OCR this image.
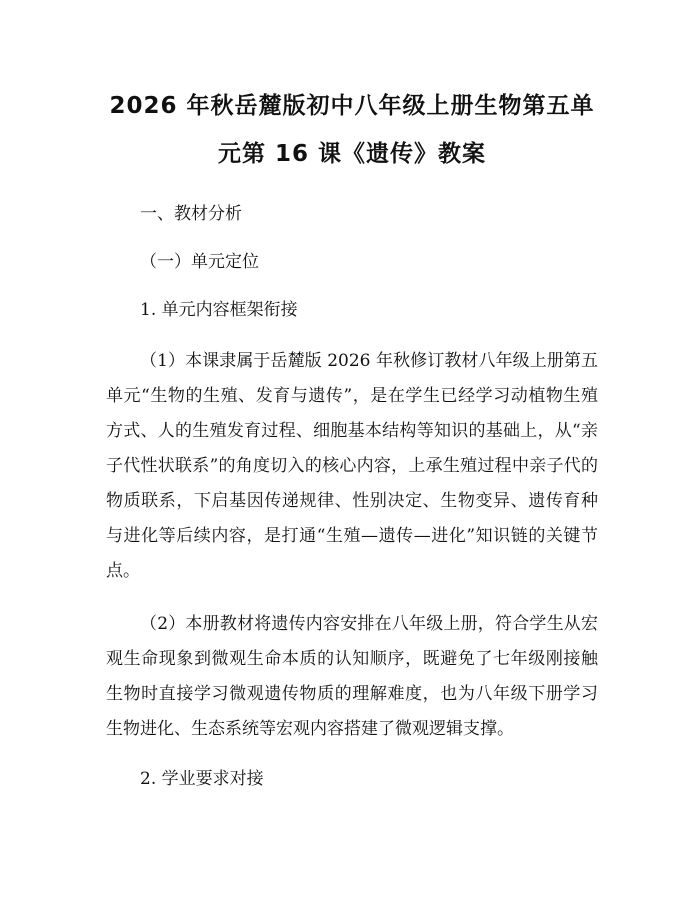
2026 年秋岳麓版初中八年级上册生物第五单
元第 16 课《遗传》教案

一、教材分析

（一）单元定位

1. 单元内容框架衔接

（1）本课隶属于岳麓版 2026 年秋修订教材八年级上册第五单元“生物的生殖、发育与遗传”，是在学生已经学习动植物生殖方式、人的生殖发育过程、细胞基本结构等知识的基础上，从“亲子代性状联系”的角度切入的核心内容，上承生殖过程中亲子代的物质联系，下启基因传递规律、性别决定、生物变异、遗传育种与进化等后续内容，是打通“生殖—遗传—进化”知识链的关键节点。

（2）本册教材将遗传内容安排在八年级上册，符合学生从宏观生命现象到微观生命本质的认知顺序，既避免了七年级刚接触生物时直接学习微观遗传物质的理解难度，也为八年级下册学习生物进化、生态系统等宏观内容搭建了微观逻辑支撑。

2. 学业要求对接
